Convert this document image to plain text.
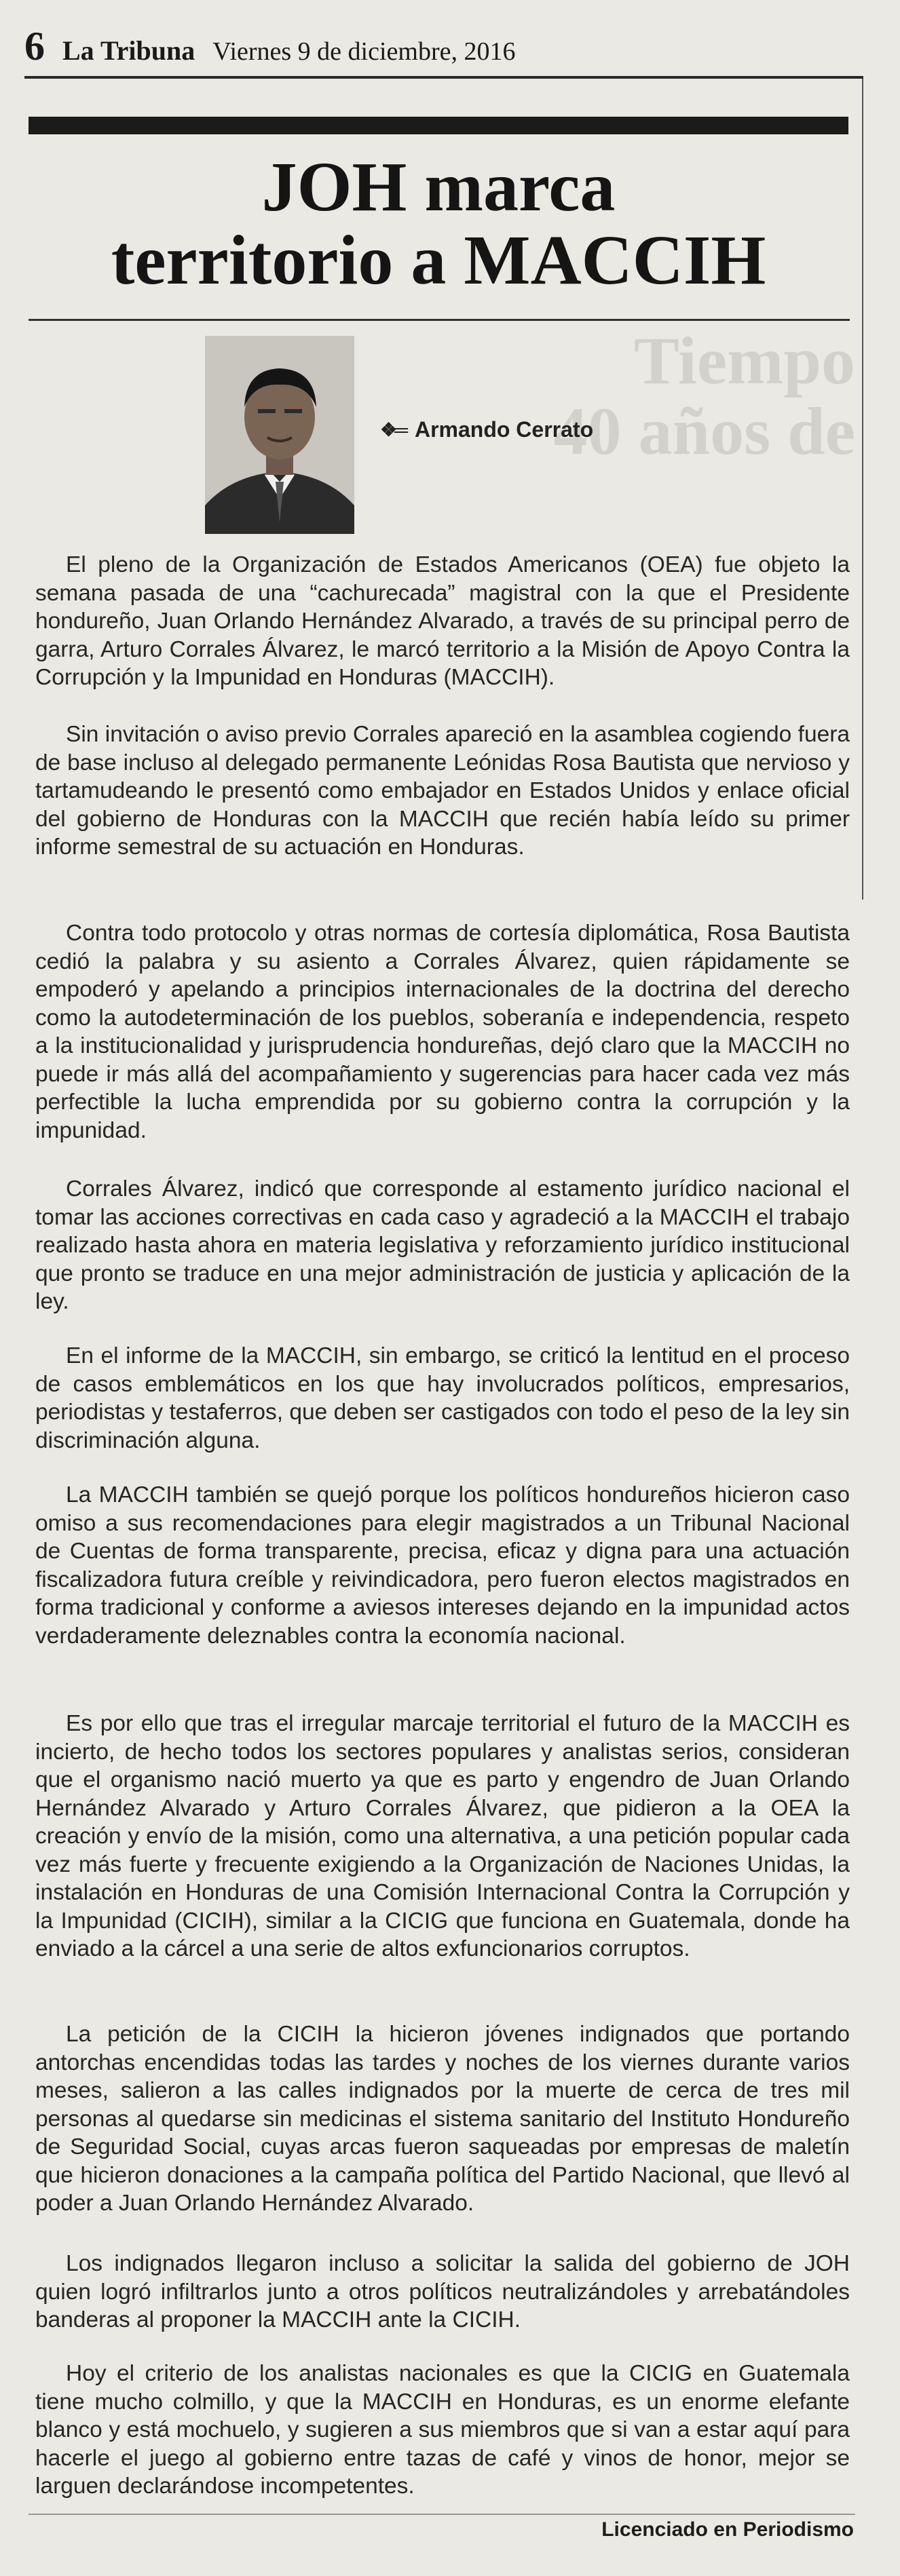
6 La Tribuna Viernes 9 de diciembre, 2016
JOH marca
territorio a MACCIH
Tiempo
40 años de
❖═ Armando Cerrato

El pleno de la Organización de Estados Americanos (OEA) fue objeto la semana pasada de una “cachurecada” magistral con la que el Presidente hondureño, Juan Orlando Hernández Alvarado, a través de su principal perro de garra, Arturo Corrales Álvarez, le marcó territorio a la Misión de Apoyo Contra la Corrupción y la Impunidad en Honduras (MACCIH).

Sin invitación o aviso previo Corrales apareció en la asamblea cogiendo fuera de base incluso al delegado permanente Leónidas Rosa Bautista que nervioso y tartamudeando le presentó como embajador en Estados Unidos y enlace oficial del gobierno de Honduras con la MACCIH que recién había leído su primer informe semestral de su actuación en Honduras.

Contra todo protocolo y otras normas de cortesía diplomática, Rosa Bautista cedió la palabra y su asiento a Corrales Álvarez, quien rápidamente se empoderó y apelando a principios internacionales de la doctrina del derecho como la autodeterminación de los pueblos, soberanía e independencia, respeto a la institucionalidad y jurisprudencia hondureñas, dejó claro que la MACCIH no puede ir más allá del acompañamiento y sugerencias para hacer cada vez más perfectible la lucha emprendida por su gobierno contra la corrupción y la impunidad.

Corrales Álvarez, indicó que corresponde al estamento jurídico nacional el tomar las acciones correctivas en cada caso y agradeció a la MACCIH el trabajo realizado hasta ahora en materia legislativa y reforzamiento jurídico institucional que pronto se traduce en una mejor administración de justicia y aplicación de la ley.

En el informe de la MACCIH, sin embargo, se criticó la lentitud en el proceso de casos emblemáticos en los que hay involucrados políticos, empresarios, periodistas y testaferros, que deben ser castigados con todo el peso de la ley sin discriminación alguna.

La MACCIH también se quejó porque los políticos hondureños hicieron caso omiso a sus recomendaciones para elegir magistrados a un Tribunal Nacional de Cuentas de forma transparente, precisa, eficaz y digna para una actuación fiscalizadora futura creíble y reivindicadora, pero fueron electos magistrados en forma tradicional y conforme a aviesos intereses dejando en la impunidad actos verdaderamente deleznables contra la economía nacional.

Es por ello que tras el irregular marcaje territorial el futuro de la MACCIH es incierto, de hecho todos los sectores populares y analistas serios, consideran que el organismo nació muerto ya que es parto y engendro de Juan Orlando Hernández Alvarado y Arturo Corrales Álvarez, que pidieron a la OEA la creación y envío de la misión, como una alternativa, a una petición popular cada vez más fuerte y frecuente exigiendo a la Organización de Naciones Unidas, la instalación en Honduras de una Comisión Internacional Contra la Corrupción y la Impunidad (CICIH), similar a la CICIG que funciona en Guatemala, donde ha enviado a la cárcel a una serie de altos exfuncionarios corruptos.

La petición de la CICIH la hicieron jóvenes indignados que portando antorchas encendidas todas las tardes y noches de los viernes durante varios meses, salieron a las calles indignados por la muerte de cerca de tres mil personas al quedarse sin medicinas el sistema sanitario del Instituto Hondureño de Seguridad Social, cuyas arcas fueron saqueadas por empresas de maletín que hicieron donaciones a la campaña política del Partido Nacional, que llevó al poder a Juan Orlando Hernández Alvarado.

Los indignados llegaron incluso a solicitar la salida del gobierno de JOH quien logró infiltrarlos junto a otros políticos neutralizándoles y arrebatándoles banderas al proponer la MACCIH ante la CICIH.

Hoy el criterio de los analistas nacionales es que la CICIG en Guatemala tiene mucho colmillo, y que la MACCIH en Honduras, es un enorme elefante blanco y está mochuelo, y sugieren a sus miembros que si van a estar aquí para hacerle el juego al gobierno entre tazas de café y vinos de honor, mejor se larguen declarándose incompetentes.

Licenciado en Periodismo
